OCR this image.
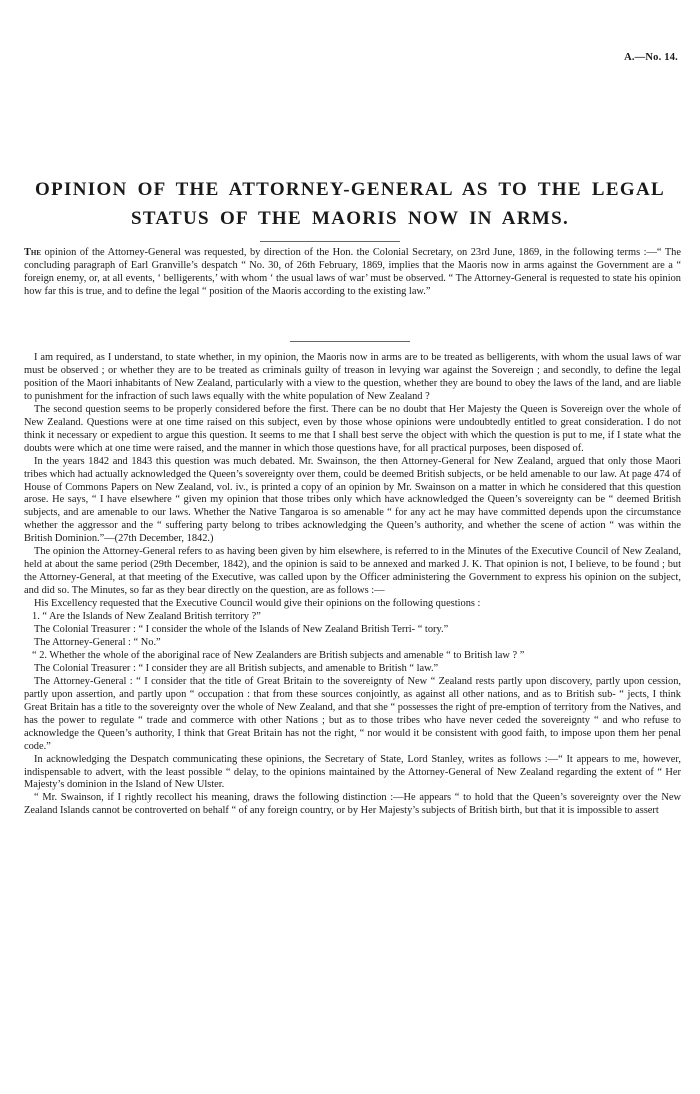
A.—No. 14.
OPINION OF THE ATTORNEY-GENERAL AS TO THE LEGAL
STATUS OF THE MAORIS NOW IN ARMS.
The opinion of the Attorney-General was requested, by direction of the Hon. the Colonial Secretary, on 23rd June, 1869, in the following terms :—“ The concluding paragraph of Earl Granville’s despatch “ No. 30, of 26th February, 1869, implies that the Maoris now in arms against the Government are a “ foreign enemy, or, at all events, ‘ belligerents,’ with whom ‘ the usual laws of war’ must be observed. “ The Attorney-General is requested to state his opinion how far this is true, and to define the legal “ position of the Maoris according to the existing law.”

I am required, as I understand, to state whether, in my opinion, the Maoris now in arms are to be treated as belligerents, with whom the usual laws of war must be observed ; or whether they are to be treated as criminals guilty of treason in levying war against the Sovereign ; and secondly, to define the legal position of the Maori inhabitants of New Zealand, particularly with a view to the question, whether they are bound to obey the laws of the land, and are liable to punishment for the infraction of such laws equally with the white population of New Zealand ?

The second question seems to be properly considered before the first. There can be no doubt that Her Majesty the Queen is Sovereign over the whole of New Zealand. Questions were at one time raised on this subject, even by those whose opinions were undoubtedly entitled to great consideration. I do not think it necessary or expedient to argue this question. It seems to me that I shall best serve the object with which the question is put to me, if I state what the doubts were which at one time were raised, and the manner in which those questions have, for all practical purposes, been disposed of.

In the years 1842 and 1843 this question was much debated. Mr. Swainson, the then Attorney-General for New Zealand, argued that only those Maori tribes which had actually acknowledged the Queen’s sovereignty over them, could be deemed British subjects, or be held amenable to our law. At page 474 of House of Commons Papers on New Zealand, vol. iv., is printed a copy of an opinion by Mr. Swainson on a matter in which he considered that this question arose. He says, “ I have elsewhere “ given my opinion that those tribes only which have acknowledged the Queen’s sovereignty can be “ deemed British subjects, and are amenable to our laws. Whether the Native Tangaroa is so amenable “ for any act he may have committed depends upon the circumstance whether the aggressor and the “ suffering party belong to tribes acknowledging the Queen’s authority, and whether the scene of action “ was within the British Dominion.”—(27th December, 1842.)

The opinion the Attorney-General refers to as having been given by him elsewhere, is referred to in the Minutes of the Executive Council of New Zealand, held at about the same period (29th December, 1842), and the opinion is said to be annexed and marked J. K. That opinion is not, I believe, to be found ; but the Attorney-General, at that meeting of the Executive, was called upon by the Officer administering the Government to express his opinion on the subject, and did so. The Minutes, so far as they bear directly on the question, are as follows :—

His Excellency requested that the Executive Council would give their opinions on the following questions :

1. “ Are the Islands of New Zealand British territory ?”

The Colonial Treasurer : “ I consider the whole of the Islands of New Zealand British Terri- “ tory.”

The Attorney-General : “ No.”

“ 2. Whether the whole of the aboriginal race of New Zealanders are British subjects and amenable “ to British law ? ”

The Colonial Treasurer : “ I consider they are all British subjects, and amenable to British “ law.”

The Attorney-General : “ I consider that the title of Great Britain to the sovereignty of New “ Zealand rests partly upon discovery, partly upon cession, partly upon assertion, and partly upon “ occupation : that from these sources conjointly, as against all other nations, and as to British sub- “ jects, I think Great Britain has a title to the sovereignty over the whole of New Zealand, and that she “ possesses the right of pre-emption of territory from the Natives, and has the power to regulate “ trade and commerce with other Nations ; but as to those tribes who have never ceded the sovereignty “ and who refuse to acknowledge the Queen’s authority, I think that Great Britain has not the right, “ nor would it be consistent with good faith, to impose upon them her penal code.”

In acknowledging the Despatch communicating these opinions, the Secretary of State, Lord Stanley, writes as follows :—“ It appears to me, however, indispensable to advert, with the least possible “ delay, to the opinions maintained by the Attorney-General of New Zealand regarding the extent of “ Her Majesty’s dominion in the Island of New Ulster.

“ Mr. Swainson, if I rightly recollect his meaning, draws the following distinction :—He appears “ to hold that the Queen’s sovereignty over the New Zealand Islands cannot be controverted on behalf “ of any foreign country, or by Her Majesty’s subjects of British birth, but that it is impossible to assert
